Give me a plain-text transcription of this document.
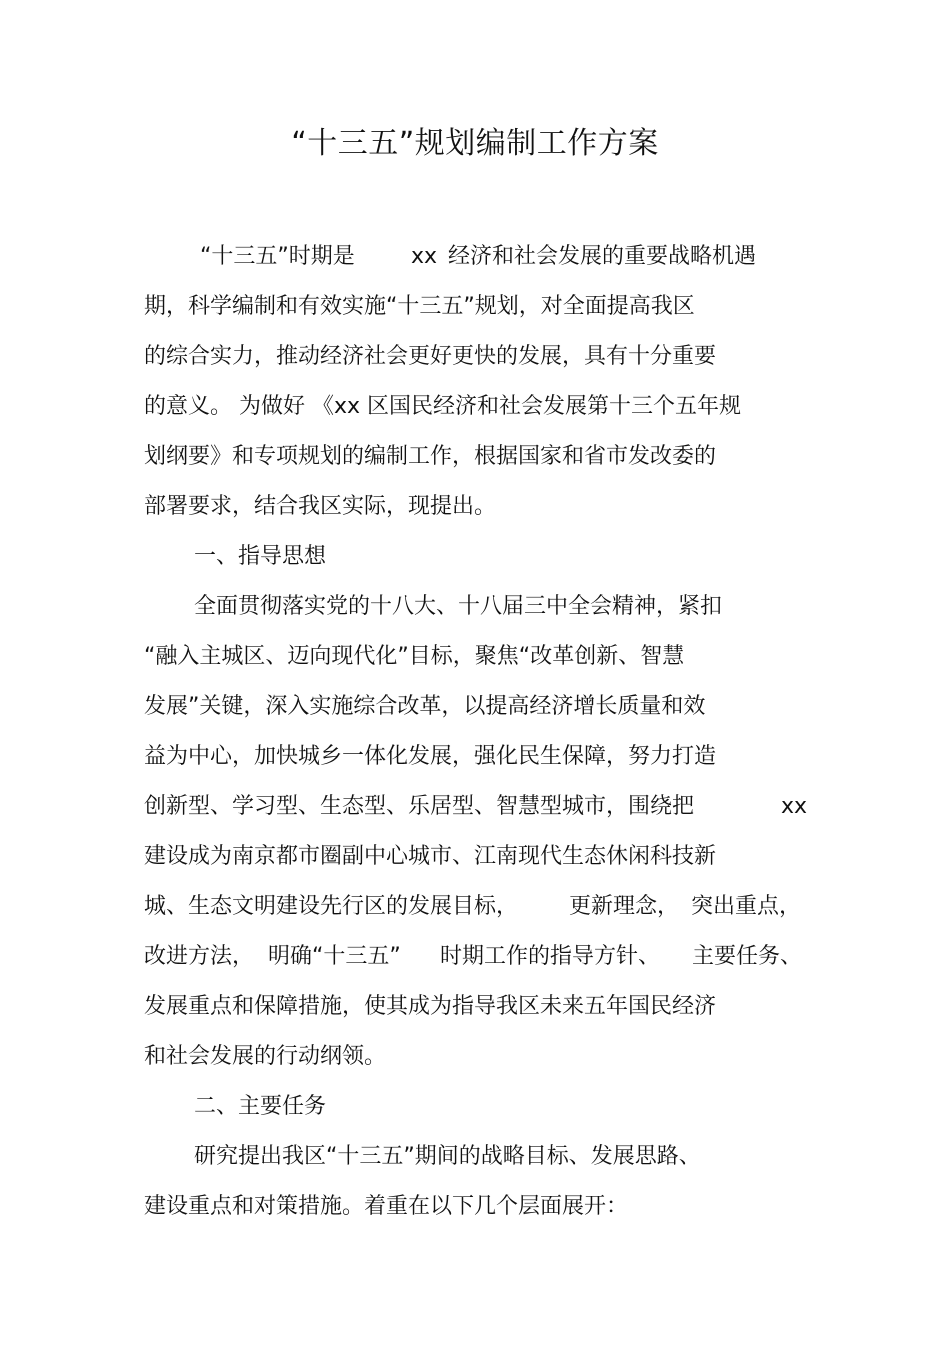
“十三五”规划编制工作方案
“十三五”时期是	xx 经济和社会发展的重要战略机遇
期，科学编制和有效实施“十三五”规划，对全面提高我区
的综合实力，推动经济社会更好更快的发展，具有十分重要
的意义。 为做好 《xx 区国民经济和社会发展第十三个五年规
划纲要》和专项规划的编制工作，根据国家和省市发改委的
部署要求，结合我区实际，现提出。
一、指导思想
全面贯彻落实党的十八大、十八届三中全会精神，紧扣
“融入主城区、迈向现代化”目标，聚焦“改革创新、智慧
发展”关键，深入实施综合改革，以提高经济增长质量和效
益为中心，加快城乡一体化发展，强化民生保障，努力打造
创新型、学习型、生态型、乐居型、智慧型城市，围绕把	xx
建设成为南京都市圈副中心城市、江南现代生态休闲科技新
城、生态文明建设先行区的发展目标， 更新理念， 突出重点，
改进方法， 明确“十三五” 时期工作的指导方针、 主要任务、
发展重点和保障措施，使其成为指导我区未来五年国民经济
和社会发展的行动纲领。
二、主要任务
研究提出我区“十三五”期间的战略目标、发展思路、
建设重点和对策措施。着重在以下几个层面展开：
